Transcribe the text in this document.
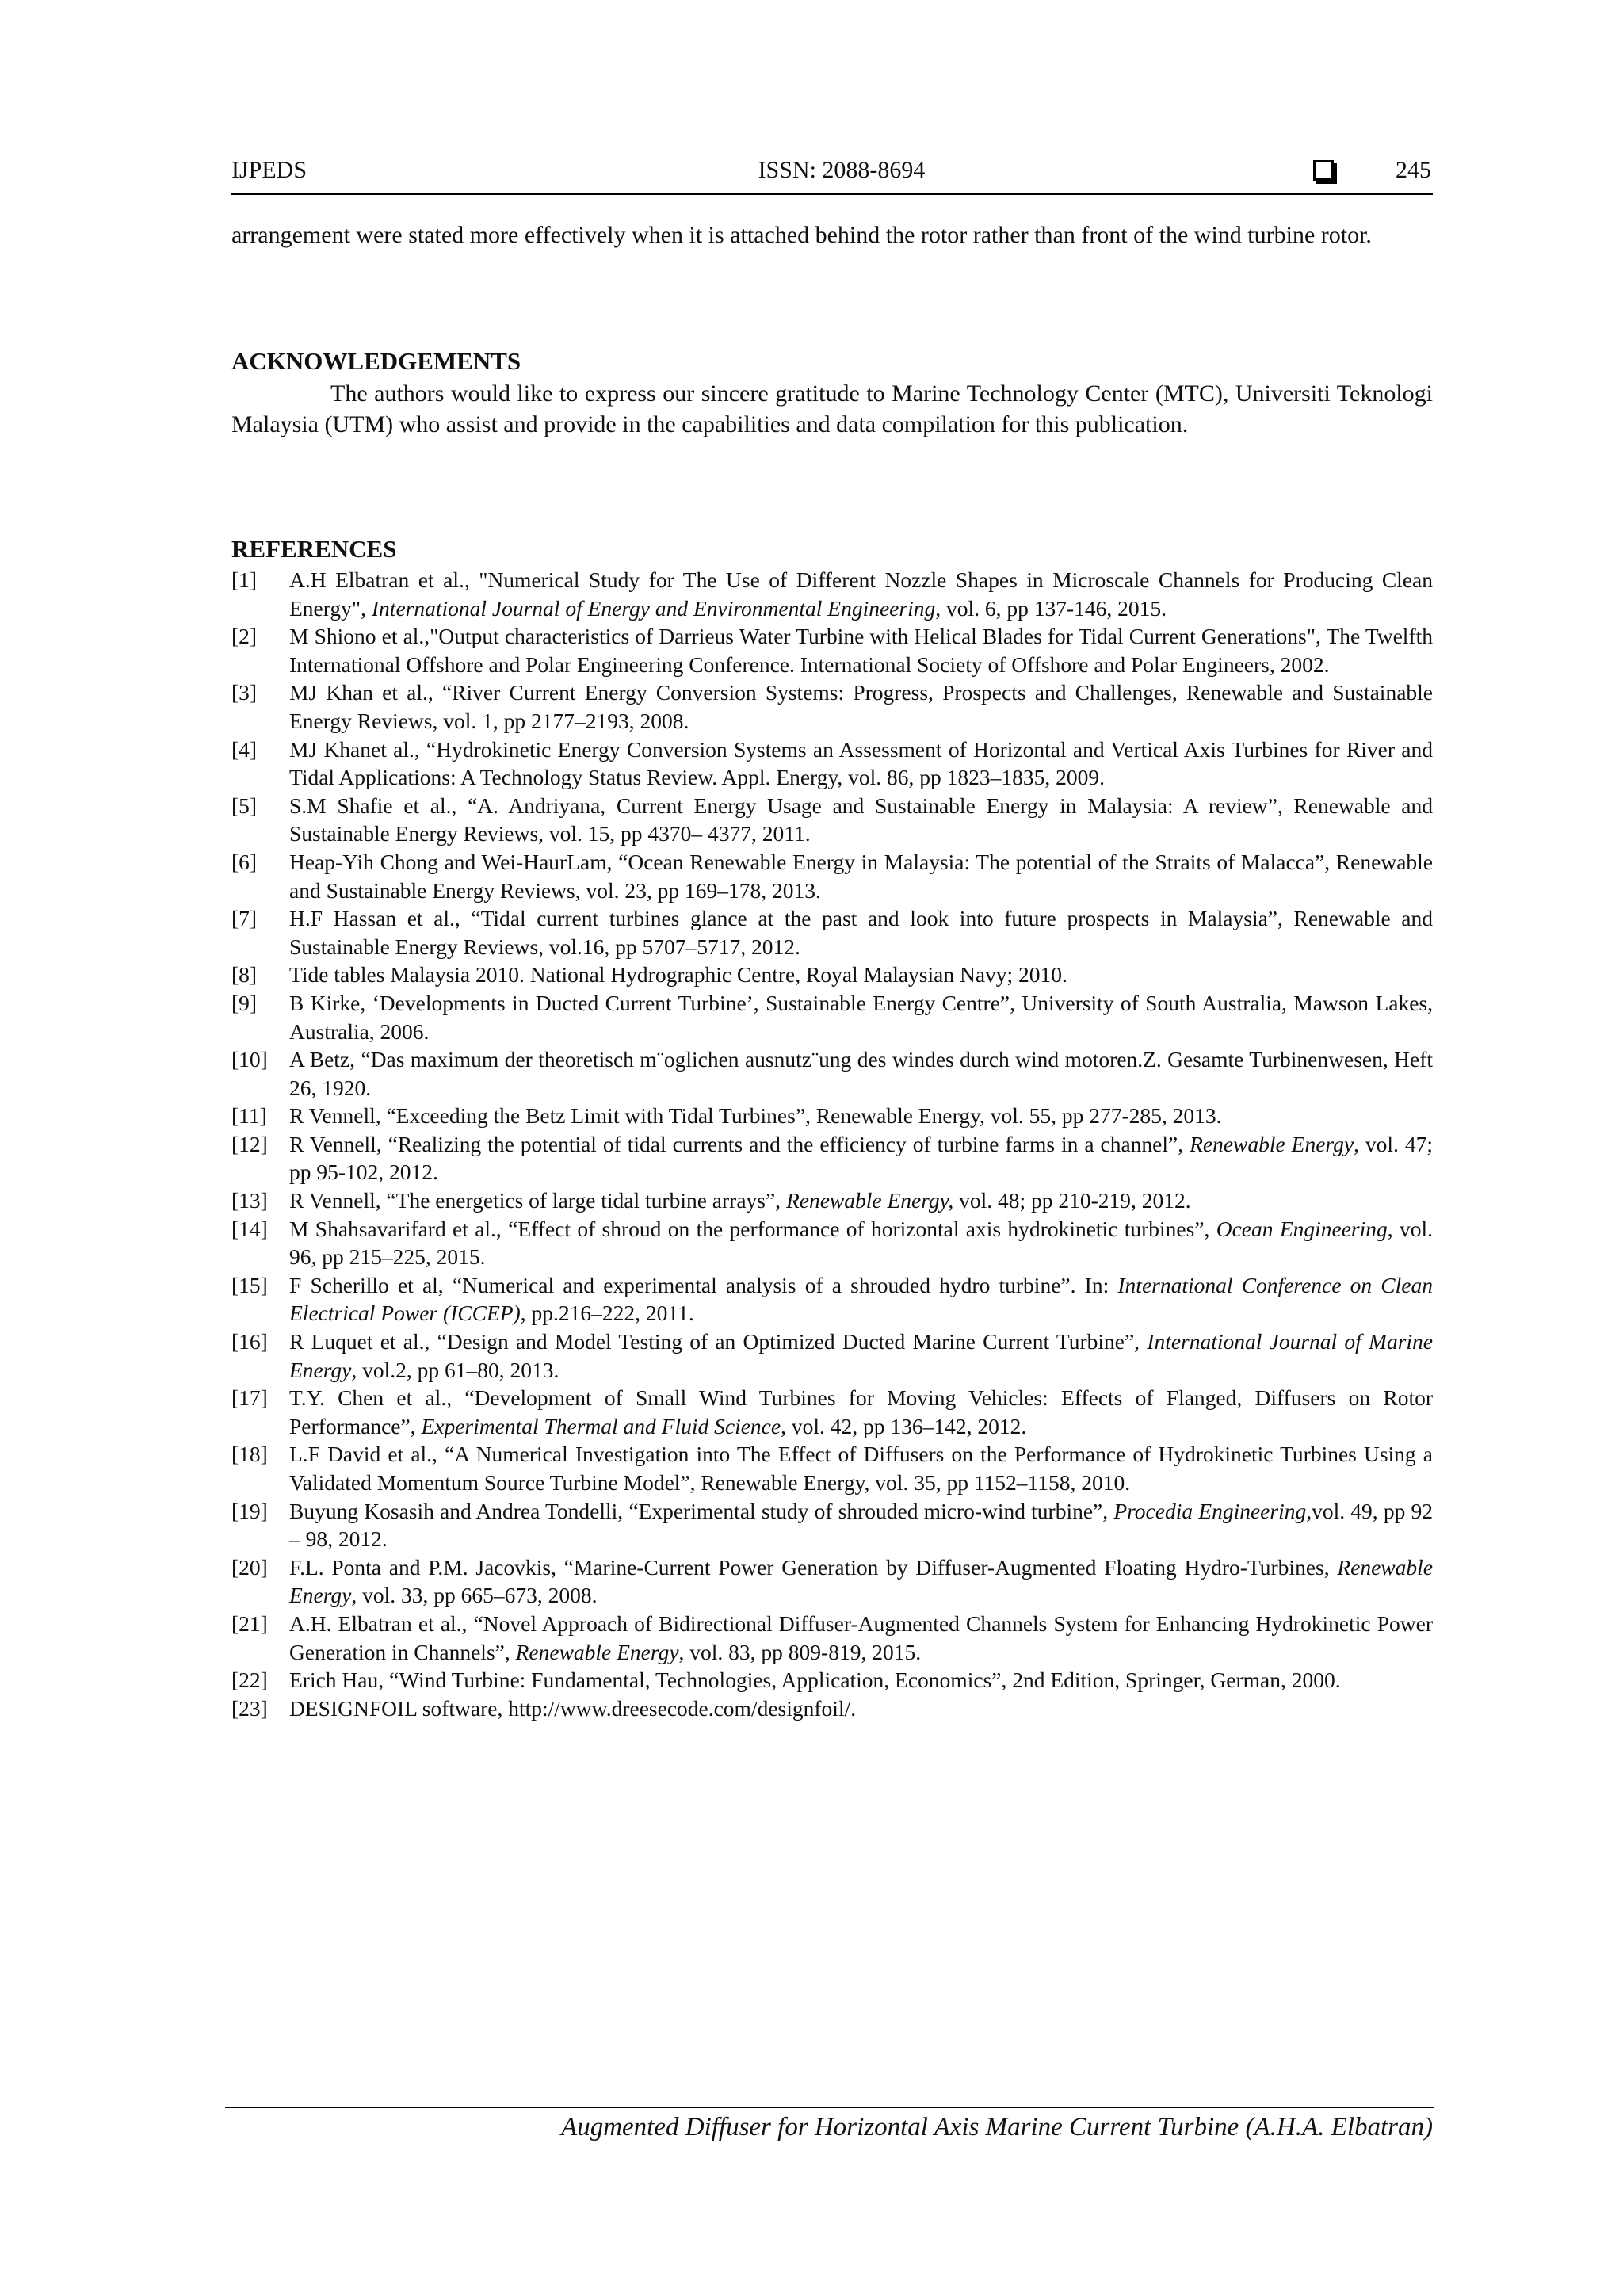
IJPEDS	ISSN: 2088-8694	245
arrangement were stated more effectively when it is attached behind the rotor rather than front of the wind turbine rotor.
ACKNOWLEDGEMENTS
The authors would like to express our sincere gratitude to Marine Technology Center (MTC), Universiti Teknologi Malaysia (UTM) who assist and provide in the capabilities and data compilation for this publication.
REFERENCES
[1] A.H Elbatran et al., "Numerical Study for The Use of Different Nozzle Shapes in Microscale Channels for Producing Clean Energy", International Journal of Energy and Environmental Engineering, vol. 6, pp 137-146, 2015.
[2] M Shiono et al.,"Output characteristics of Darrieus Water Turbine with Helical Blades for Tidal Current Generations", The Twelfth International Offshore and Polar Engineering Conference. International Society of Offshore and Polar Engineers, 2002.
[3] MJ Khan et al., “River Current Energy Conversion Systems: Progress, Prospects and Challenges, Renewable and Sustainable Energy Reviews, vol. 1, pp 2177–2193, 2008.
[4] MJ Khanet al., “Hydrokinetic Energy Conversion Systems an Assessment of Horizontal and Vertical Axis Turbines for River and Tidal Applications: A Technology Status Review. Appl. Energy, vol. 86, pp 1823–1835, 2009.
[5] S.M Shafie et al., “A. Andriyana, Current Energy Usage and Sustainable Energy in Malaysia: A review”, Renewable and Sustainable Energy Reviews, vol. 15, pp 4370– 4377, 2011.
[6] Heap-Yih Chong and Wei-HaurLam, “Ocean Renewable Energy in Malaysia: The potential of the Straits of Malacca”, Renewable and Sustainable Energy Reviews, vol. 23, pp 169–178, 2013.
[7] H.F Hassan et al., “Tidal current turbines glance at the past and look into future prospects in Malaysia”, Renewable and Sustainable Energy Reviews, vol.16, pp 5707–5717, 2012.
[8] Tide tables Malaysia 2010. National Hydrographic Centre, Royal Malaysian Navy; 2010.
[9] B Kirke, ‘Developments in Ducted Current Turbine’, Sustainable Energy Centre”, University of South Australia, Mawson Lakes, Australia, 2006.
[10] A Betz, “Das maximum der theoretisch m¨oglichen ausnutz¨ung des windes durch wind motoren.Z. Gesamte Turbinenwesen, Heft 26, 1920.
[11] R Vennell, “Exceeding the Betz Limit with Tidal Turbines”, Renewable Energy, vol. 55, pp 277-285, 2013.
[12] R Vennell, “Realizing the potential of tidal currents and the efficiency of turbine farms in a channel”, Renewable Energy, vol. 47; pp 95-102, 2012.
[13] R Vennell, “The energetics of large tidal turbine arrays”, Renewable Energy, vol. 48; pp 210-219, 2012.
[14] M Shahsavarifard et al., “Effect of shroud on the performance of horizontal axis hydrokinetic turbines”, Ocean Engineering, vol. 96, pp 215–225, 2015.
[15] F Scherillo et al, “Numerical and experimental analysis of a shrouded hydro turbine”. In: International Conference on Clean Electrical Power (ICCEP), pp.216–222, 2011.
[16] R Luquet et al., “Design and Model Testing of an Optimized Ducted Marine Current Turbine”, International Journal of Marine Energy, vol.2, pp 61–80, 2013.
[17] T.Y. Chen et al., “Development of Small Wind Turbines for Moving Vehicles: Effects of Flanged, Diffusers on Rotor Performance”, Experimental Thermal and Fluid Science, vol. 42, pp 136–142, 2012.
[18] L.F David et al., “A Numerical Investigation into The Effect of Diffusers on the Performance of Hydrokinetic Turbines Using a Validated Momentum Source Turbine Model”, Renewable Energy, vol. 35, pp 1152–1158, 2010.
[19] Buyung Kosasih and Andrea Tondelli, “Experimental study of shrouded micro-wind turbine”, Procedia Engineering,vol. 49, pp 92 – 98, 2012.
[20] F.L. Ponta and P.M. Jacovkis, “Marine-Current Power Generation by Diffuser-Augmented Floating Hydro-Turbines, Renewable Energy, vol. 33, pp 665–673, 2008.
[21] A.H. Elbatran et al., “Novel Approach of Bidirectional Diffuser-Augmented Channels System for Enhancing Hydrokinetic Power Generation in Channels”, Renewable Energy, vol. 83, pp 809-819, 2015.
[22] Erich Hau, “Wind Turbine: Fundamental, Technologies, Application, Economics”, 2nd Edition, Springer, German, 2000.
[23] DESIGNFOIL software, http://www.dreesecode.com/designfoil/.
Augmented Diffuser for Horizontal Axis Marine Current Turbine (A.H.A. Elbatran)
